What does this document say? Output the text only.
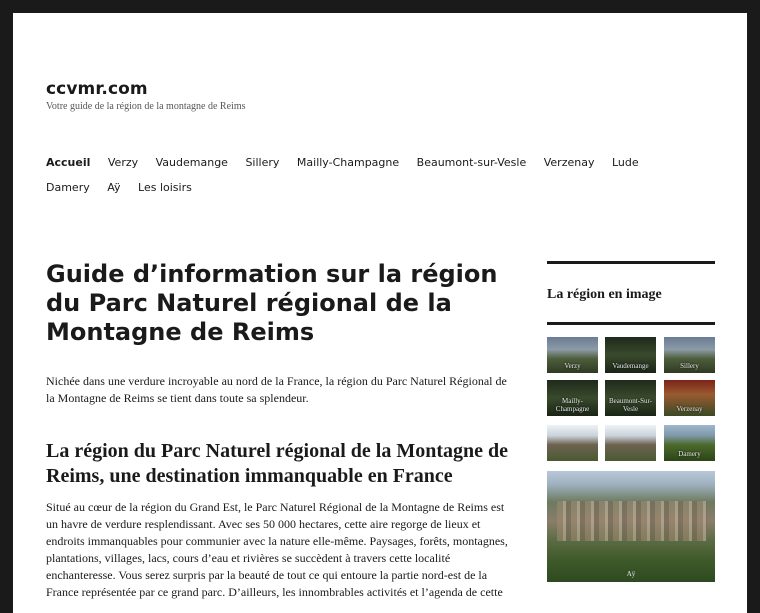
ccvmr.com
Votre guide de la région de la montagne de Reims
Accueil Verzy Vaudemange Sillery Mailly-Champagne Beaumont-sur-Vesle Verzenay Lude Damery Aÿ Les loisirs
Guide d’information sur la région du Parc Naturel régional de la Montagne de Reims

Nichée dans une verdure incroyable au nord de la France, la région du Parc Naturel Régional de la Montagne de Reims se tient dans toute sa splendeur.

La région du Parc Naturel régional de la Montagne de Reims, une destination immanquable en France

Situé au cœur de la région du Grand Est, le Parc Naturel Régional de la Montagne de Reims est un havre de verdure resplendissant. Avec ses 50 000 hectares, cette aire regorge de lieux et endroits immanquables pour communier avec la nature elle-même. Paysages, forêts, montagnes, plantations, villages, lacs, cours d’eau et rivières se succèdent à travers cette localité enchanteresse. Vous serez surpris par la beauté de tout ce qui entoure la partie nord-est de la France représentée par ce grand parc. D’ailleurs, les innombrables activités et l’agenda de cette

La région en image
Verzy	Vaudemange	Sillery
Mailly-Champagne
Beaumont-Sur-Vesle	Verzenay
Damery
Aÿ
